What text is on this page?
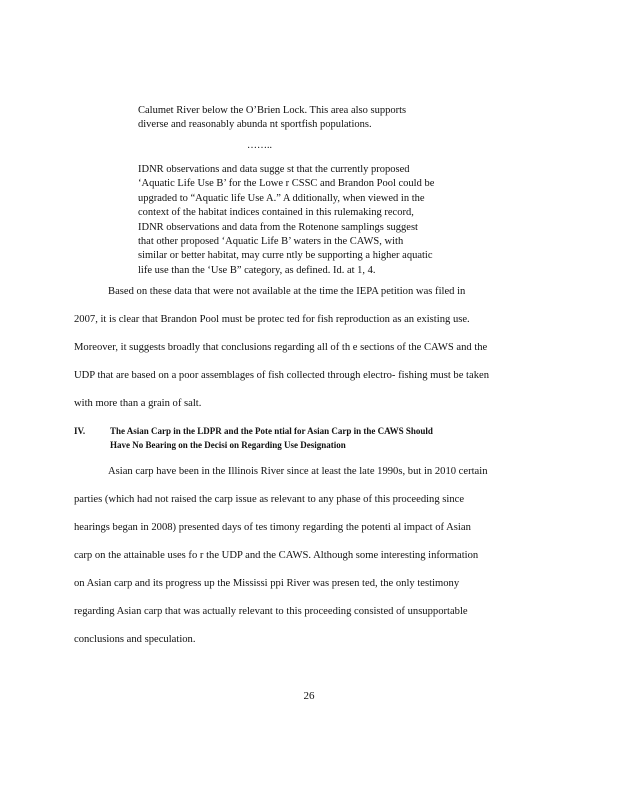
Calumet River below the O’Brien Lock. This area also supports
diverse and reasonably abunda nt sportfish populations.
……..
IDNR observations and data sugge st that the currently proposed
‘Aquatic Life Use B’ for the Lowe r CSSC and Brandon Pool could be
upgraded to “Aquatic life Use A.” A dditionally, when viewed in the
context of the habitat indices contained in this rulemaking record,
IDNR observations and data from the Rotenone samplings suggest
that other proposed ‘Aquatic Life B’ waters in the CAWS, with
similar or better habitat, may curre ntly be supporting a higher aquatic
life use than the ‘Use B” category, as defined. Id. at 1, 4.
Based on these data that were not available at the time the IEPA petition was filed in
2007, it is clear that Brandon Pool must be protec ted for fish reproduction as an existing use.
Moreover, it suggests broadly that conclusions regarding all of th e sections of the CAWS and the
UDP that are based on a poor assemblages of fish collected through electro- fishing must be taken
with more than a grain of salt.
IV.	The Asian Carp in the LDPR and the Pote ntial for Asian Carp in the CAWS Should
Have No Bearing on the Decisi on Regarding Use Designation
Asian carp have been in the Illinois River since at least the late 1990s, but in 2010 certain
parties (which had not raised the carp issue as relevant to any phase of this proceeding since
hearings began in 2008) presented days of tes timony regarding the potenti al impact of Asian
carp on the attainable uses fo r the UDP and the CAWS. Although some interesting information
on Asian carp and its progress up the Mississi ppi River was presen ted, the only testimony
regarding Asian carp that was actually relevant to this proceeding consisted of unsupportable
conclusions and speculation.
26
